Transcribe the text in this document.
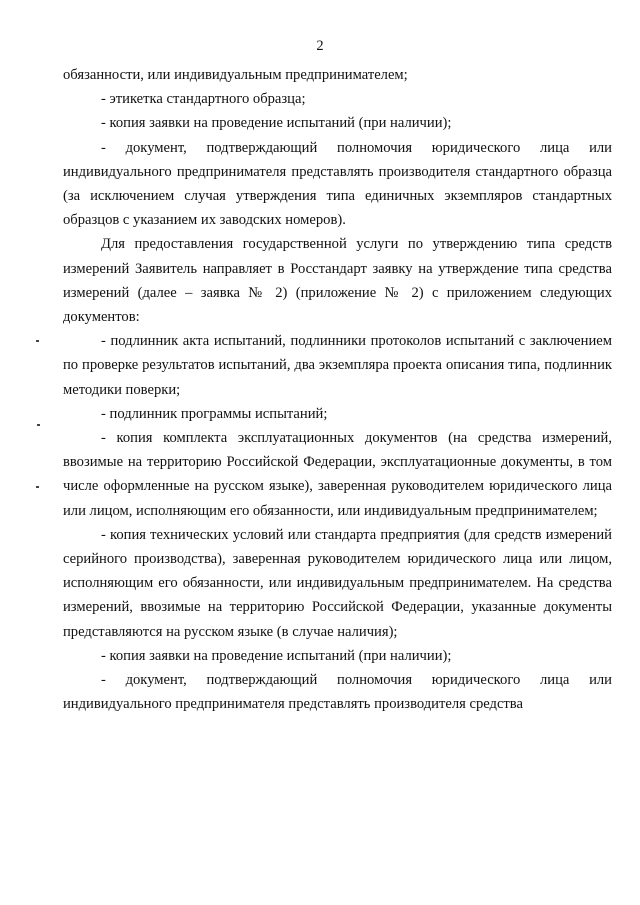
2

обязанности, или индивидуальным предпринимателем;

- этикетка стандартного образца;

- копия заявки на проведение испытаний (при наличии);

- документ, подтверждающий полномочия юридического лица или индивидуального предпринимателя представлять производителя стандартного образца (за исключением случая утверждения типа единичных экземпляров стандартных образцов с указанием их заводских номеров).

Для предоставления государственной услуги по утверждению типа средств измерений Заявитель направляет в Росстандарт заявку на утверждение типа средства измерений (далее – заявка № 2) (приложение № 2) с приложением следующих документов:

- подлинник акта испытаний, подлинники протоколов испытаний с заключением по проверке результатов испытаний, два экземпляра проекта описания типа, подлинник методики поверки;

- подлинник программы испытаний;

- копия комплекта эксплуатационных документов (на средства измерений, ввозимые на территорию Российской Федерации, эксплуатационные документы, в том числе оформленные на русском языке), заверенная руководителем юридического лица или лицом, исполняющим его обязанности, или индивидуальным предпринимателем;

- копия технических условий или стандарта предприятия (для средств измерений серийного производства), заверенная руководителем юридического лица или лицом, исполняющим его обязанности, или индивидуальным предпринимателем. На средства измерений, ввозимые на территорию Российской Федерации, указанные документы представляются на русском языке (в случае наличия);

- копия заявки на проведение испытаний (при наличии);

- документ, подтверждающий полномочия юридического лица или индивидуального предпринимателя представлять производителя средства
